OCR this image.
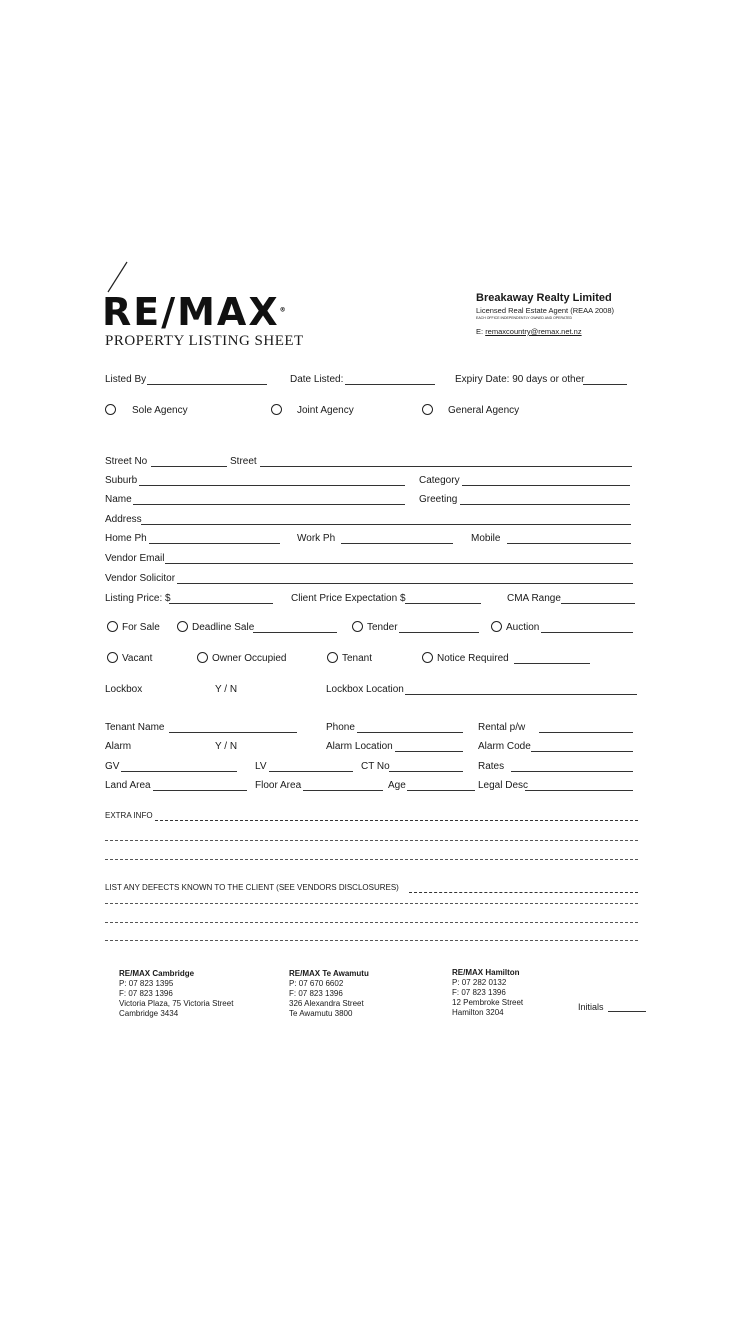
RE/MAX®
PROPERTY LISTING SHEET
Breakaway Realty Limited
Licensed Real Estate Agent (REAA 2008)
EACH OFFICE INDEPENDENTLY OWNED AND OPERATED
E: remaxcountry@remax.net.nz
Listed By	Date Listed:	Expiry Date: 90 days or other
Sole Agency	Joint Agency	General Agency
Street No	Street
Suburb	Category
Name	Greeting
Address
Home Ph	Work Ph	Mobile
Vendor Email
Vendor Solicitor
Listing Price: $	Client Price Expectation $	CMA Range
For Sale	Deadline Sale	Tender	Auction
Vacant	Owner Occupied	Tenant	Notice Required
Lockbox	Y / N	Lockbox Location
Tenant Name	Phone	Rental p/w
Alarm	Y / N	Alarm Location	Alarm Code
GV	LV	CT No	Rates
Land Area	Floor Area	Age	Legal Desc
EXTRA INFO
LIST ANY DEFECTS KNOWN TO THE CLIENT (SEE VENDORS DISCLOSURES)
RE/MAX Cambridge
P: 07 823 1395
F: 07 823 1396
Victoria Plaza, 75 Victoria Street
Cambridge 3434
RE/MAX Te Awamutu
P: 07 670 6602
F: 07 823 1396
326 Alexandra Street
Te Awamutu 3800
RE/MAX Hamilton
P: 07 282 0132
F: 07 823 1396
12 Pembroke Street
Hamilton 3204
Initials
